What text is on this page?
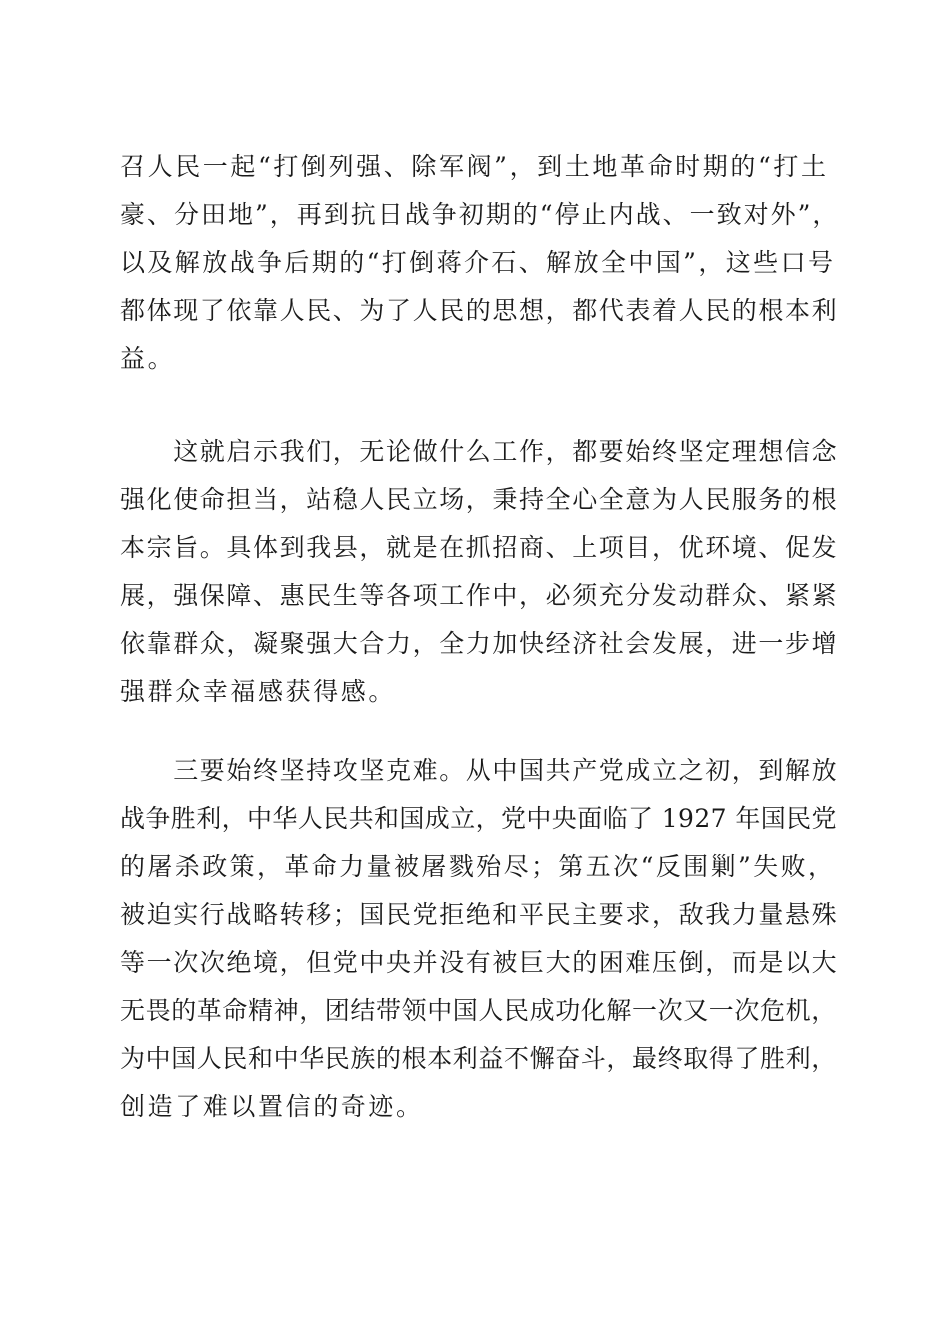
召人民一起“打倒列强、除军阀”，到土地革命时期的“打土
豪、分田地”，再到抗日战争初期的“停止内战、一致对外”，
以及解放战争后期的“打倒蒋介石、解放全中国”，这些口号
都体现了依靠人民、为了人民的思想，都代表着人民的根本利
益。
　　这就启示我们，无论做什么工作，都要始终坚定理想信念
强化使命担当，站稳人民立场，秉持全心全意为人民服务的根
本宗旨。具体到我县，就是在抓招商、上项目，优环境、促发
展，强保障、惠民生等各项工作中，必须充分发动群众、紧紧
依靠群众，凝聚强大合力，全力加快经济社会发展，进一步增
强群众幸福感获得感。
　　三要始终坚持攻坚克难。从中国共产党成立之初，到解放
战争胜利，中华人民共和国成立，党中央面临了 1927 年国民党
的屠杀政策，革命力量被屠戮殆尽；第五次“反围剿”失败，
被迫实行战略转移；国民党拒绝和平民主要求，敌我力量悬殊
等一次次绝境，但党中央并没有被巨大的困难压倒，而是以大
无畏的革命精神，团结带领中国人民成功化解一次又一次危机，
为中国人民和中华民族的根本利益不懈奋斗，最终取得了胜利，
创造了难以置信的奇迹。
